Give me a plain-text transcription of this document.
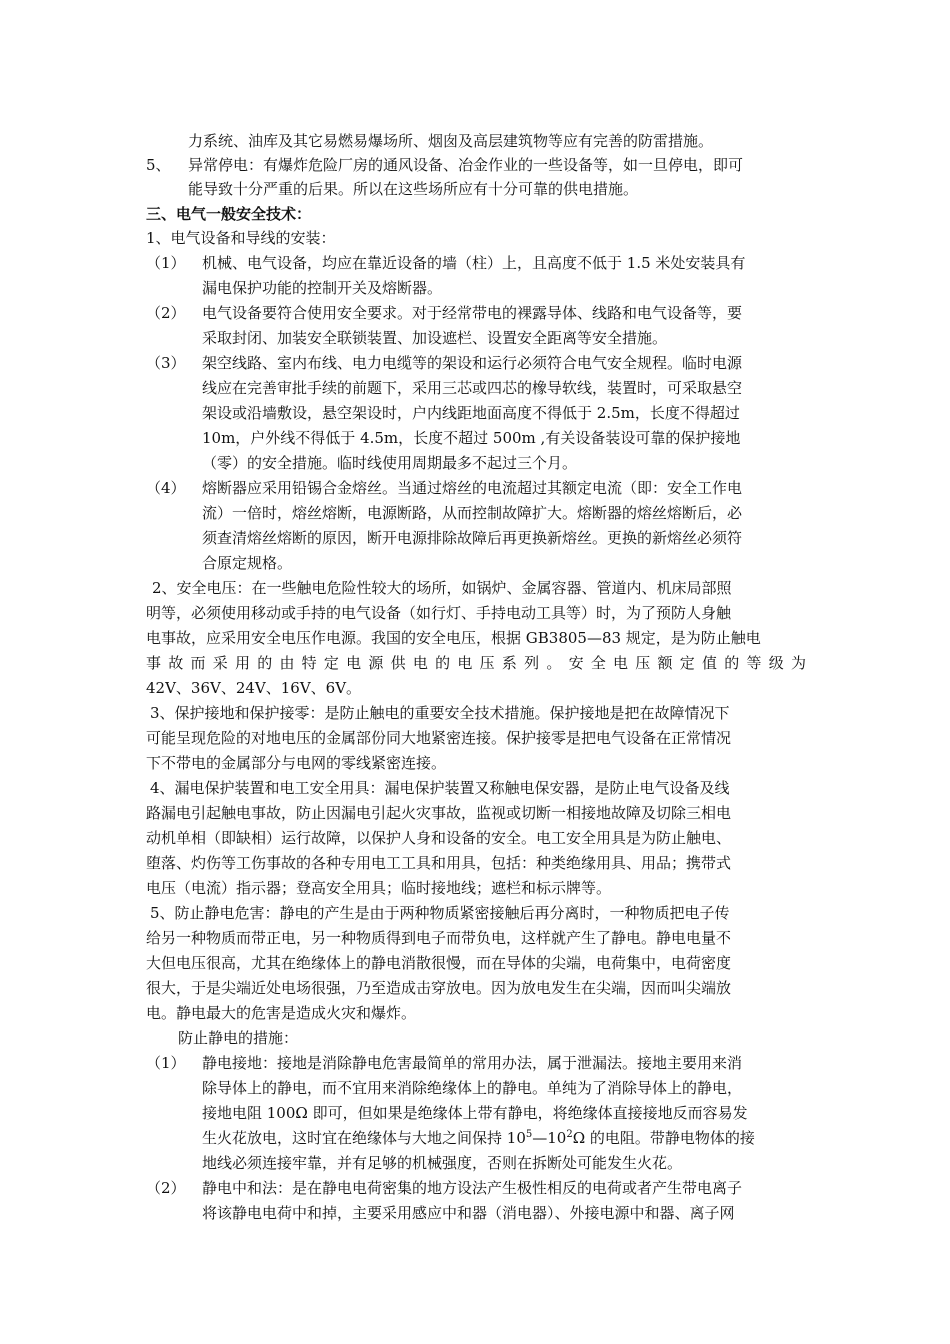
力系统、油库及其它易燃易爆场所、烟囱及高层建筑物等应有完善的防雷措施。
5、 异常停电：有爆炸危险厂房的通风设备、冶金作业的一些设备等，如一旦停电，即可
能导致十分严重的后果。所以在这些场所应有十分可靠的供电措施。
三、电气一般安全技术：
1、电气设备和导线的安装：
（1） 机械、电气设备，均应在靠近设备的墙（柱）上，且高度不低于 1.5 米处安装具有
漏电保护功能的控制开关及熔断器。
（2） 电气设备要符合使用安全要求。对于经常带电的裸露导体、线路和电气设备等，要
采取封闭、加装安全联锁装置、加设遮栏、设置安全距离等安全措施。
（3） 架空线路、室内布线、电力电缆等的架设和运行必须符合电气安全规程。临时电源
线应在完善审批手续的前题下，采用三芯或四芯的橡导软线，装置时，可采取悬空
架设或沿墙敷设，悬空架设时，户内线距地面高度不得低于 2.5m，长度不得超过
10m，户外线不得低于 4.5m，长度不超过 500m ,有关设备装设可靠的保护接地
（零）的安全措施。临时线使用周期最多不起过三个月。
（4） 熔断器应采用铅锡合金熔丝。当通过熔丝的电流超过其额定电流（即：安全工作电
流）一倍时，熔丝熔断，电源断路，从而控制故障扩大。熔断器的熔丝熔断后，必
须查清熔丝熔断的原因，断开电源排除故障后再更换新熔丝。更换的新熔丝必须符
合原定规格。
2、安全电压：在一些触电危险性较大的场所，如锅炉、金属容器、管道内、机床局部照
明等，必须使用移动或手持的电气设备（如行灯、手持电动工具等）时，为了预防人身触
电事故，应采用安全电压作电源。我国的安全电压，根据 GB3805—83 规定，是为防止触电
事故而采用的由特定电源供电的电压系列。安全电压额定值的等级为
42V、36V、24V、16V、6V。
3、保护接地和保护接零：是防止触电的重要安全技术措施。保护接地是把在故障情况下
可能呈现危险的对地电压的金属部份同大地紧密连接。保护接零是把电气设备在正常情况
下不带电的金属部分与电网的零线紧密连接。
4、漏电保护装置和电工安全用具：漏电保护装置又称触电保安器，是防止电气设备及线
路漏电引起触电事故，防止因漏电引起火灾事故，监视或切断一相接地故障及切除三相电
动机单相（即缺相）运行故障，以保护人身和设备的安全。电工安全用具是为防止触电、
堕落、灼伤等工伤事故的各种专用电工工具和用具，包括：种类绝缘用具、用品；携带式
电压（电流）指示器；登高安全用具；临时接地线；遮栏和标示牌等。
5、防止静电危害：静电的产生是由于两种物质紧密接触后再分离时，一种物质把电子传
给另一种物质而带正电，另一种物质得到电子而带负电，这样就产生了静电。静电电量不
大但电压很高，尤其在绝缘体上的静电消散很慢，而在导体的尖端，电荷集中，电荷密度
很大，于是尖端近处电场很强，乃至造成击穿放电。因为放电发生在尖端，因而叫尖端放
电。静电最大的危害是造成火灾和爆炸。
防止静电的措施：
（1） 静电接地：接地是消除静电危害最简单的常用办法，属于泄漏法。接地主要用来消
除导体上的静电，而不宜用来消除绝缘体上的静电。单纯为了消除导体上的静电，
接地电阻 100Ω 即可，但如果是绝缘体上带有静电，将绝缘体直接接地反而容易发
生火花放电，这时宜在绝缘体与大地之间保持 $10^5—10^2\Omega$ 的电阻。带静电物体的接
地线必须连接牢靠，并有足够的机械强度，否则在拆断处可能发生火花。
（2） 静电中和法：是在静电电荷密集的地方设法产生极性相反的电荷或者产生带电离子
将该静电电荷中和掉，主要采用感应中和器（消电器）、外接电源中和器、离子网
